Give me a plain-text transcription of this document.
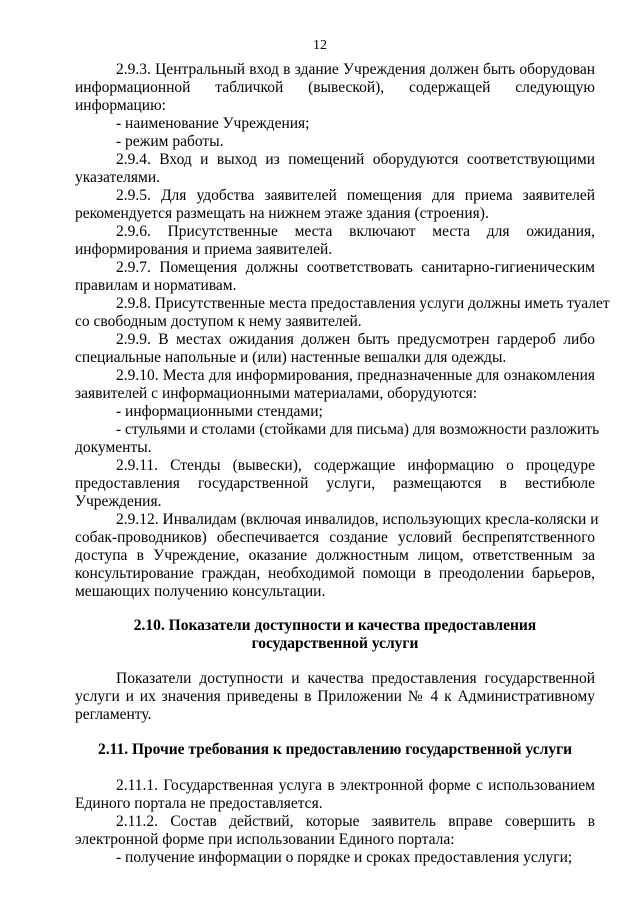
12
2.9.3. Центральный вход в здание Учреждения должен быть оборудован
информационной табличкой (вывеской), содержащей следующую
информацию:
- наименование Учреждения;
- режим работы.
2.9.4. Вход и выход из помещений оборудуются соответствующими
указателями.
2.9.5. Для удобства заявителей помещения для приема заявителей
рекомендуется размещать на нижнем этаже здания (строения).
2.9.6. Присутственные места включают места для ожидания,
информирования и приема заявителей.
2.9.7. Помещения должны соответствовать санитарно-гигиеническим
правилам и нормативам.
2.9.8. Присутственные места предоставления услуги должны иметь туалет
со свободным доступом к нему заявителей.
2.9.9. В местах ожидания должен быть предусмотрен гардероб либо
специальные напольные и (или) настенные вешалки для одежды.
2.9.10. Места для информирования, предназначенные для ознакомления
заявителей с информационными материалами, оборудуются:
- информационными стендами;
- стульями и столами (стойками для письма) для возможности разложить
документы.
2.9.11. Стенды (вывески), содержащие информацию о процедуре
предоставления государственной услуги, размещаются в вестибюле
Учреждения.
2.9.12. Инвалидам (включая инвалидов, использующих кресла-коляски и
собак-проводников) обеспечивается создание условий беспрепятственного
доступа в Учреждение, оказание должностным лицом, ответственным за
консультирование граждан, необходимой помощи в преодолении барьеров,
мешающих получению консультации.
2.10. Показатели доступности и качества предоставления
государственной услуги
Показатели доступности и качества предоставления государственной
услуги и их значения приведены в Приложении № 4 к Административному
регламенту.
2.11. Прочие требования к предоставлению государственной услуги
2.11.1. Государственная услуга в электронной форме с использованием
Единого портала не предоставляется.
2.11.2. Состав действий, которые заявитель вправе совершить в
электронной форме при использовании Единого портала:
- получение информации о порядке и сроках предоставления услуги;
